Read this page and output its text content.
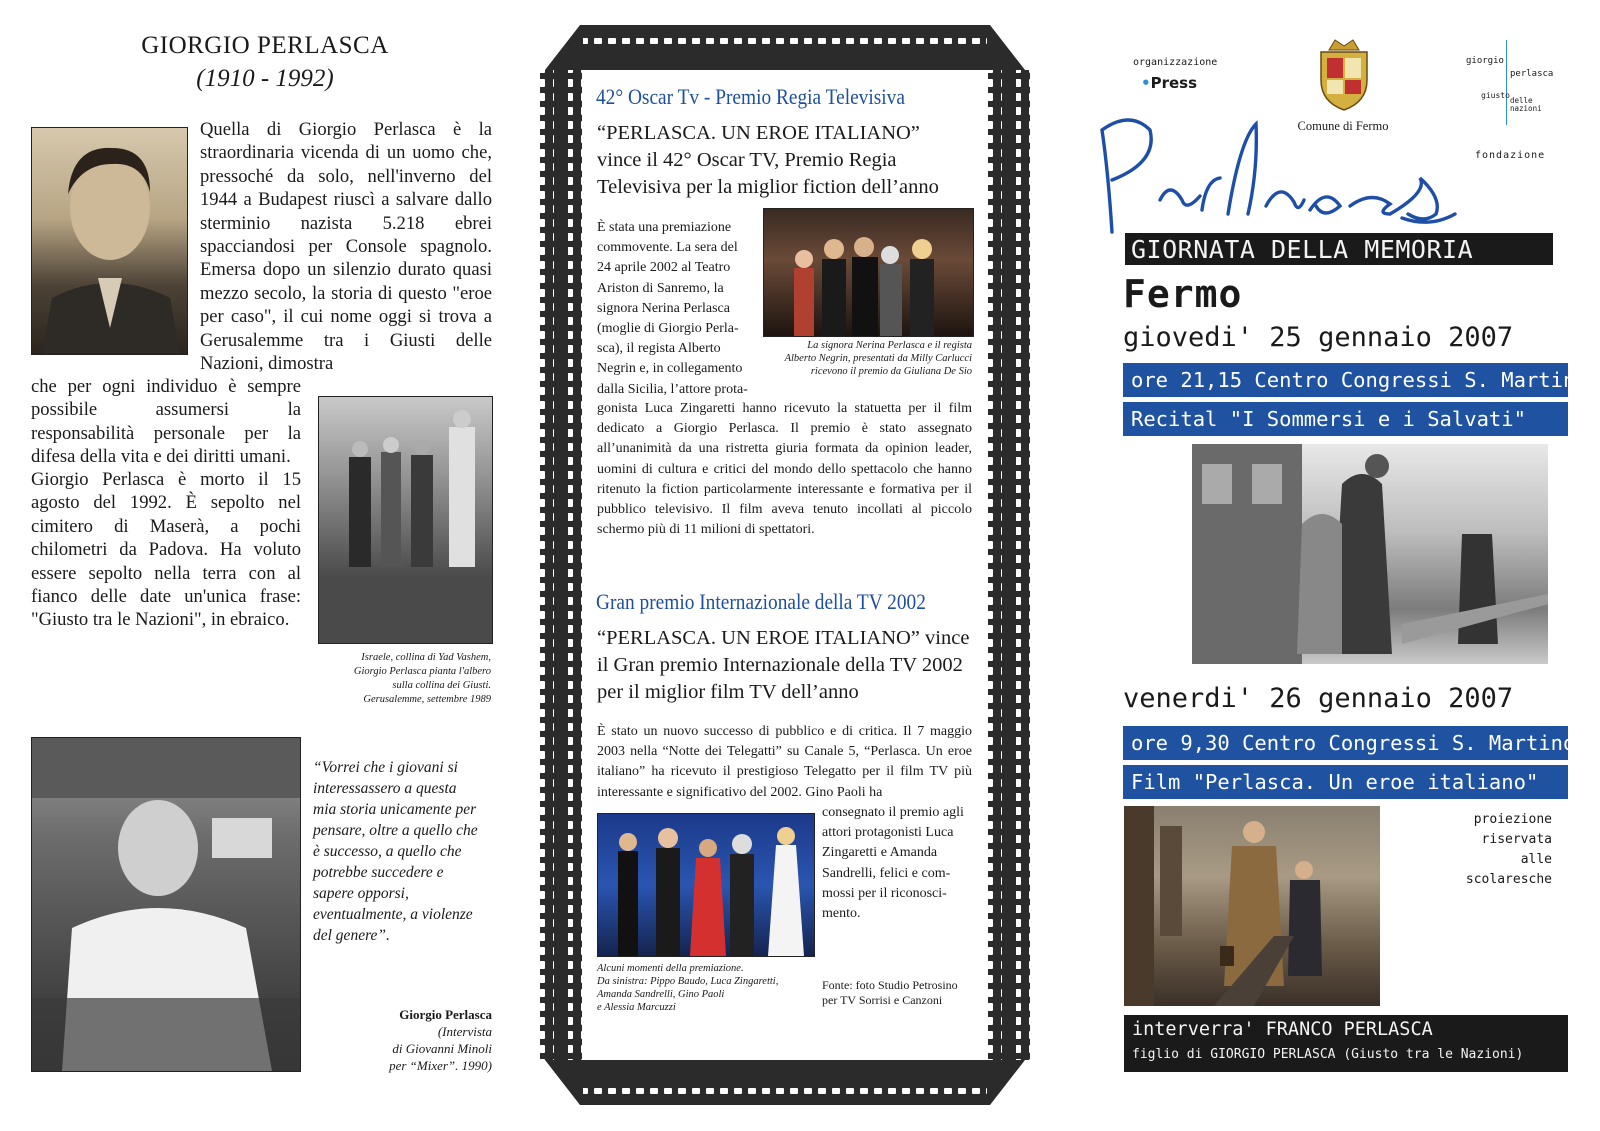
GIORGIO PERLASCA
(1910 - 1992)
Quella di Giorgio Perlasca è la straordinaria vicenda di un uomo che, pressoché da solo, nell'inverno del 1944 a Budapest riuscì a salvare dallo sterminio nazista 5.218 ebrei spacciandosi per Console spagnolo. Emersa dopo un silenzio durato quasi mezzo secolo, la storia di questo "eroe per caso", il cui nome oggi si trova a Gerusalemme tra i Giusti delle Nazioni, dimostra
che per ogni individuo è sempre possibile assumersi la responsabilità personale per la difesa della vita e dei diritti umani.
Giorgio Perlasca è morto il 15 agosto del 1992. È sepolto nel cimitero di Maserà, a pochi chilometri da Padova. Ha voluto essere sepolto nella terra con al fianco delle date un'unica frase: "Giusto tra le Nazioni", in ebraico.
Israele, collina di Yad Vashem,
Giorgio Perlasca pianta l'albero
sulla collina dei Giusti.
Gerusalemme, settembre 1989
“Vorrei che i giovani si
interessassero a questa
mia storia unicamente per
pensare, oltre a quello che
è successo, a quello che
potrebbe succedere e
sapere opporsi,
eventualmente, a violenze
del genere”.
Giorgio Perlasca
(Intervista
di Giovanni Minoli
per “Mixer”. 1990)
42° Oscar Tv - Premio Regia Televisiva
“PERLASCA. UN EROE ITALIANO”
vince il 42° Oscar TV, Premio Regia
Televisiva per la miglior fiction dell’anno
È stata una premiazione
commovente. La sera del
24 aprile 2002 al Teatro
Ariston di Sanremo, la
signora Nerina Perlasca
(moglie di Giorgio Perla-
sca), il regista Alberto
Negrin e, in collegamento
dalla Sicilia, l’attore prota-
La signora Nerina Perlasca e il regista
Alberto Negrin, presentati da Milly Carlucci
ricevono il premio da Giuliana De Sio
gonista Luca Zingaretti hanno ricevuto la statuetta per il film dedicato a Giorgio Perlasca. Il premio è stato assegnato all’unanimità da una ristretta giuria formata da opinion leader, uomini di cultura e critici del mondo dello spettacolo che hanno ritenuto la fiction particolarmente interessante e formativa per il pubblico televisivo. Il film aveva tenuto incollati al piccolo schermo più di 11 milioni di spettatori.
Gran premio Internazionale della TV 2002
“PERLASCA. UN EROE ITALIANO” vince
il Gran premio Internazionale della TV 2002
per il miglior film TV dell’anno
È stato un nuovo successo di pubblico e di critica. Il 7 maggio 2003 nella “Notte dei Telegatti” su Canale 5, “Perlasca. Un eroe italiano” ha ricevuto il prestigioso Telegatto per il film TV più interessante e significativo del 2002. Gino Paoli ha
consegnato il premio agli
attori protagonisti Luca
Zingaretti e Amanda
Sandrelli, felici e com-
mossi per il riconosci-
mento.
Alcuni momenti della premiazione.
Da sinistra: Pippo Baudo, Luca Zingaretti,
Amanda Sandrelli, Gino Paoli
e Alessia Marcuzzi
Fonte: foto Studio Petrosino
per TV Sorrisi e Canzoni
organizzazione
•Press
Comune di Fermo
giorgio
perlasca
giusto
delle
nazioni
fondazione
GIORNATA DELLA MEMORIA
Fermo
giovedi' 25 gennaio 2007
ore 21,15 Centro Congressi S. Martino
Recital "I Sommersi e i Salvati"
venerdi' 26 gennaio 2007
ore 9,30 Centro Congressi S. Martino
Film "Perlasca. Un eroe italiano"
proiezione
riservata
alle
scolaresche
interverra' FRANCO PERLASCA
figlio di GIORGIO PERLASCA (Giusto tra le Nazioni)
